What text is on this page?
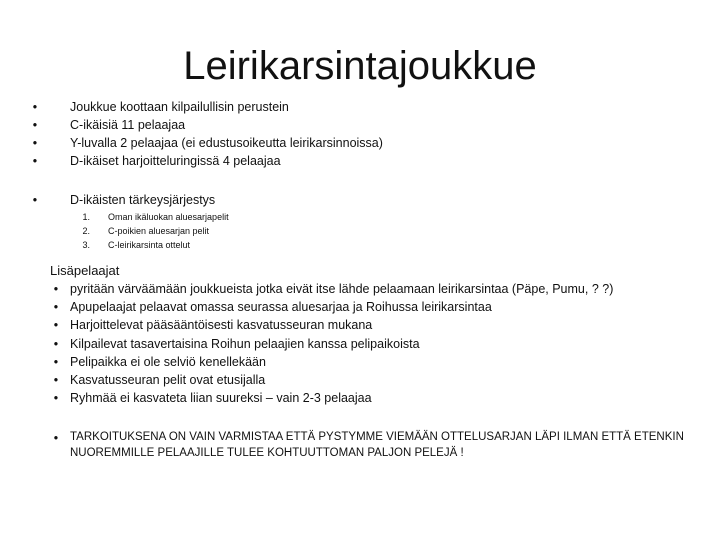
Leirikarsintajoukkue
•	Joukkue koottaan kilpailullisin perustein
•	C-ikäisiä 11 pelaajaa
•	Y-luvalla 2 pelaajaa (ei edustusoikeutta leirikarsinnoissa)
•	D-ikäiset harjoitteluringissä 4 pelaajaa
•	D-ikäisten tärkeysjärjestys
1. Oman ikäluokan aluesarjapelit
2. C-poikien aluesarjan pelit
3. C-leirikarsinta ottelut
Lisäpelaajat
• pyritään värväämään joukkueista jotka eivät itse lähde pelaamaan leirikarsintaa (Päpe, Pumu, ? ?)
• Apupelaajat pelaavat omassa seurassa aluesarjaa ja Roihussa leirikarsintaa
• Harjoittelevat pääsääntöisesti kasvatusseuran mukana
• Kilpailevat tasavertaisina Roihun pelaajien kanssa pelipaikoista
• Pelipaikka ei ole selviö kenellekään
• Kasvatusseuran pelit ovat etusijalla
• Ryhmää ei kasvateta liian suureksi – vain 2-3 pelaajaa
•	TARKOITUKSENA ON VAIN VARMISTAA ETTÄ PYSTYMME VIEMÄÄN OTTELUSARJAN LÄPI ILMAN ETTÄ ETENKIN NUOREMMILLE PELAAJILLE TULEE KOHTUUTTOMAN PALJON PELEJÄ !
